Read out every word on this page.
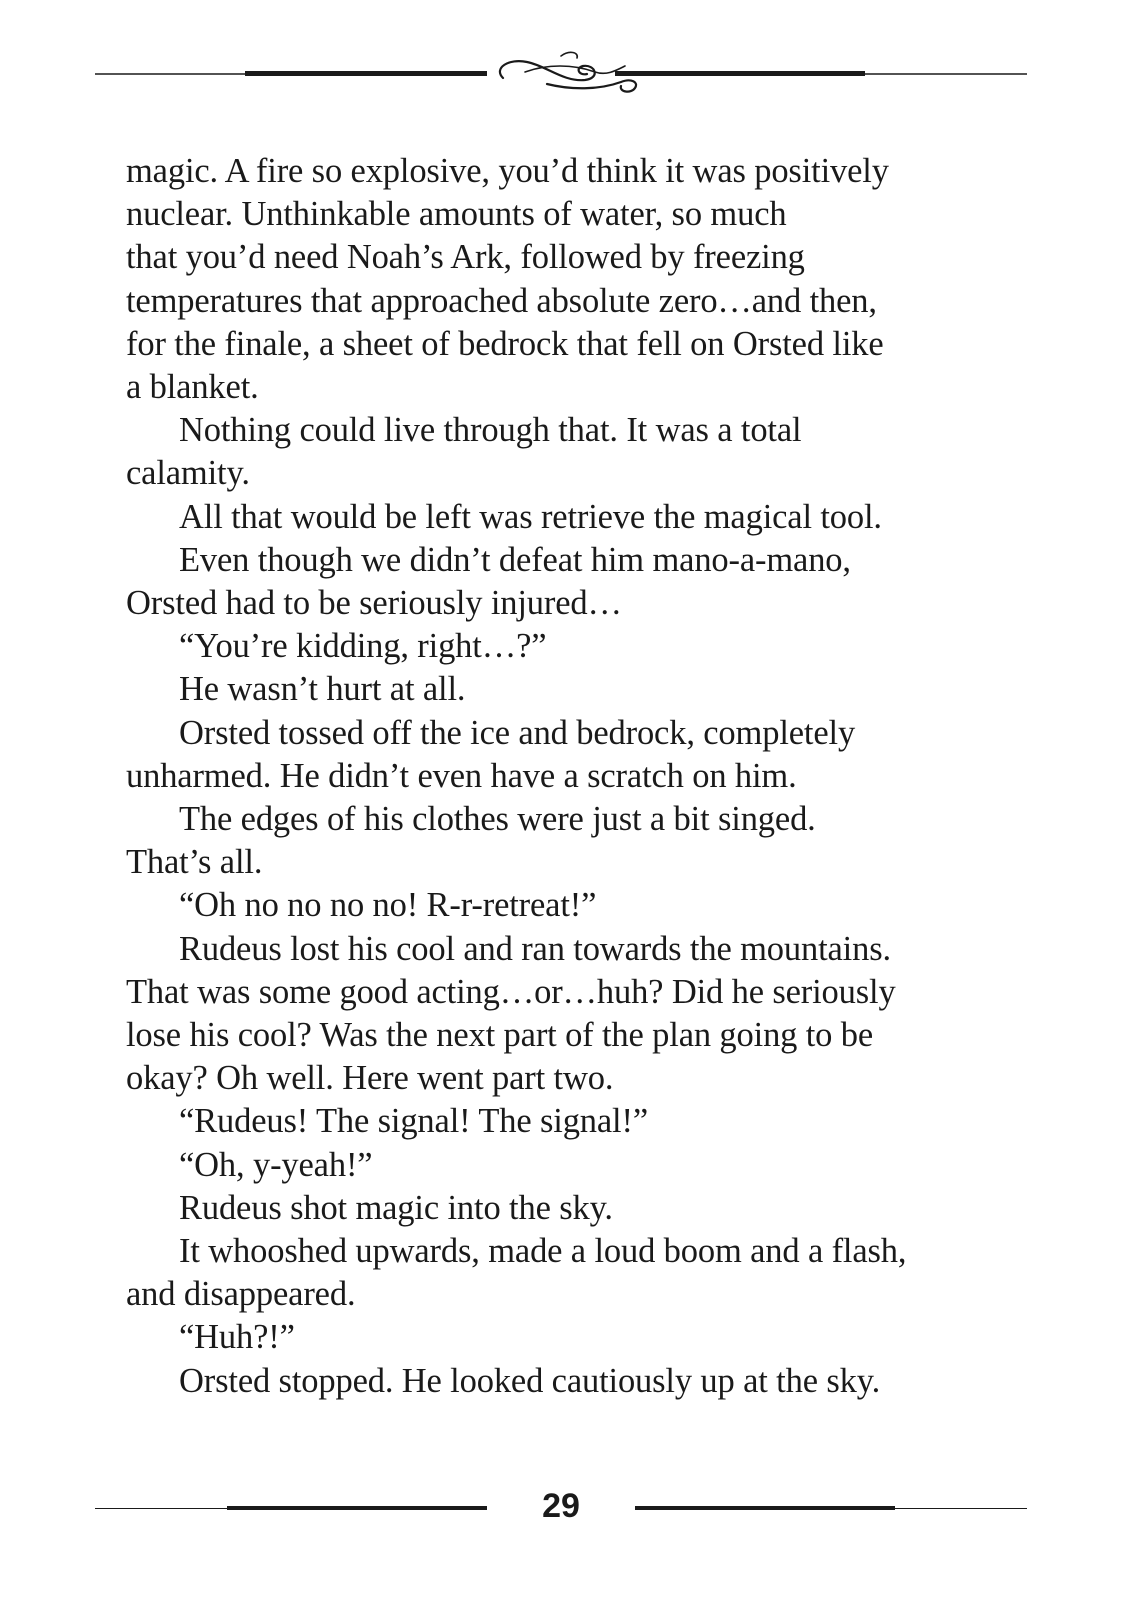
magic. A fire so explosive, you’d think it was positively
nuclear. Unthinkable amounts of water, so much
that you’d need Noah’s Ark, followed by freezing
temperatures that approached absolute zero…and then,
for the finale, a sheet of bedrock that fell on Orsted like
a blanket.
Nothing could live through that. It was a total
calamity.
All that would be left was retrieve the magical tool.
Even though we didn’t defeat him mano-a-mano,
Orsted had to be seriously injured…
“You’re kidding, right…?”
He wasn’t hurt at all.
Orsted tossed off the ice and bedrock, completely
unharmed. He didn’t even have a scratch on him.
The edges of his clothes were just a bit singed.
That’s all.
“Oh no no no no! R-r-retreat!”
Rudeus lost his cool and ran towards the mountains.
That was some good acting…or…huh? Did he seriously
lose his cool? Was the next part of the plan going to be
okay? Oh well. Here went part two.
“Rudeus! The signal! The signal!”
“Oh, y-yeah!”
Rudeus shot magic into the sky.
It whooshed upwards, made a loud boom and a flash,
and disappeared.
“Huh?!”
Orsted stopped. He looked cautiously up at the sky.
29
